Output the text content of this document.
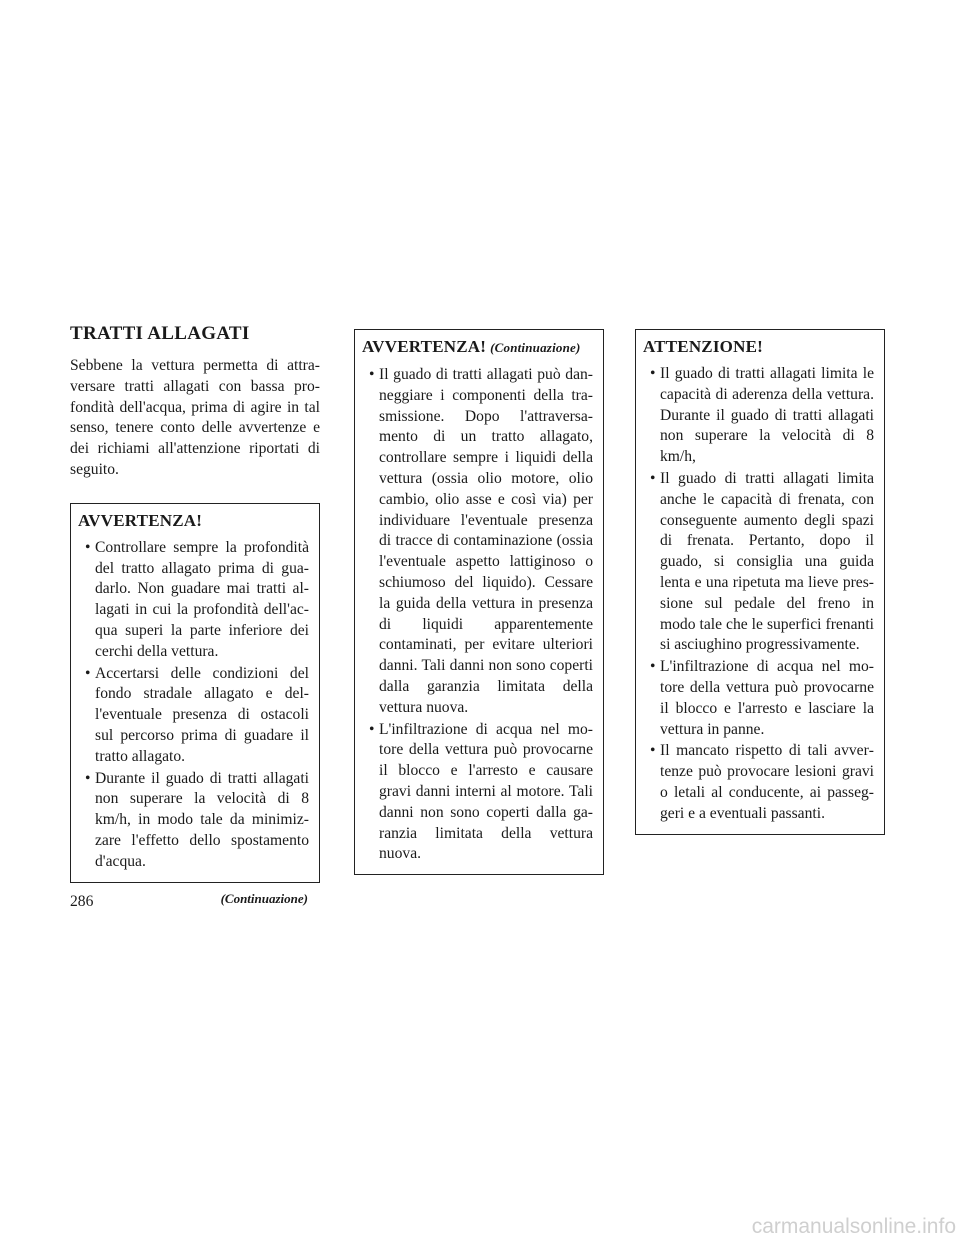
TRATTI ALLAGATI

Sebbene la vettura permetta di attraversare tratti allagati con bassa profondità dell'acqua, prima di agire in tal senso, tenere conto delle avvertenze e dei richiami all'attenzione riportati di seguito.

AVVERTENZA!
• Controllare sempre la profondità del tratto allagato prima di guadarlo. Non guadare mai tratti allagati in cui la profondità dell'acqua superi la parte inferiore dei cerchi della vettura.
• Accertarsi delle condizioni del fondo stradale allagato e dell'eventuale presenza di ostacoli sul percorso prima di guadare il tratto allagato.
• Durante il guado di tratti allagati non superare la velocità di 8 km/h, in modo tale da minimizzare l'effetto dello spostamento d'acqua.
(Continuazione)
AVVERTENZA! (Continuazione)
• Il guado di tratti allagati può danneggiare i componenti della trasmissione. Dopo l'attraversamento di un tratto allagato, controllare sempre i liquidi della vettura (ossia olio motore, olio cambio, olio asse e così via) per individuare l'eventuale presenza di tracce di contaminazione (ossia l'eventuale aspetto lattiginoso o schiumoso del liquido). Cessare la guida della vettura in presenza di liquidi apparentemente contaminati, per evitare ulteriori danni. Tali danni non sono coperti dalla garanzia limitata della vettura nuova.
• L'infiltrazione di acqua nel motore della vettura può provocarne il blocco e l'arresto e causare gravi danni interni al motore. Tali danni non sono coperti dalla garanzia limitata della vettura nuova.
ATTENZIONE!
• Il guado di tratti allagati limita le capacità di aderenza della vettura. Durante il guado di tratti allagati non superare la velocità di 8 km/h,
• Il guado di tratti allagati limita anche le capacità di frenata, con conseguente aumento degli spazi di frenata. Pertanto, dopo il guado, si consiglia una guida lenta e una ripetuta ma lieve pressione sul pedale del freno in modo tale che le superfici frenanti si asciughino progressivamente.
• L'infiltrazione di acqua nel motore della vettura può provocarne il blocco e l'arresto e lasciare la vettura in panne.
• Il mancato rispetto di tali avvertenze può provocare lesioni gravi o letali al conducente, ai passeggeri e a eventuali passanti.
286
carmanualsonline.info
